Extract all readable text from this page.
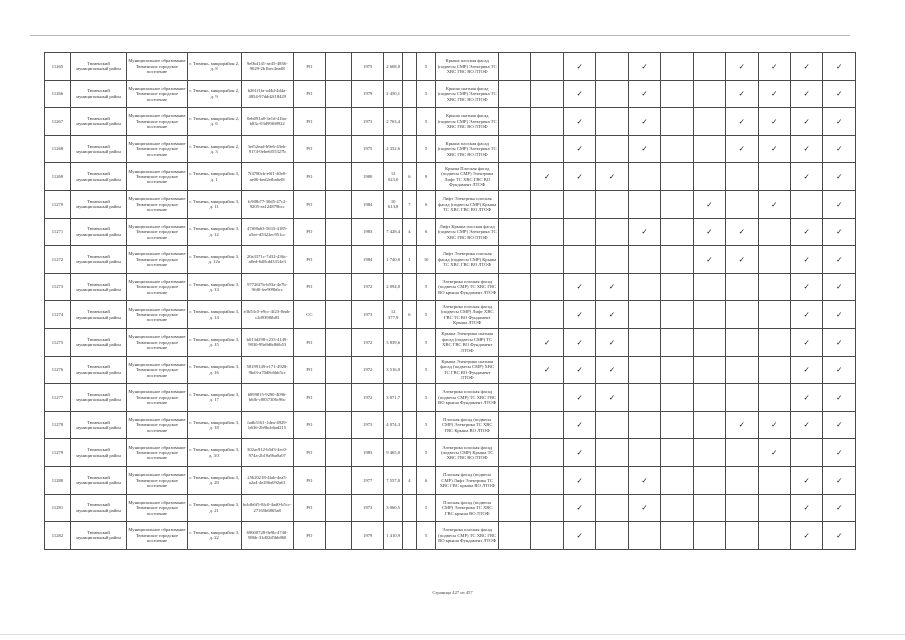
11265	Тюменский муниципальный район	Муниципальное образование Тюменское городское поселение	г. Тюмень, микрорайон 2, д. 8	9e0b4141-ae45-4836-9029-2b1bec4ead8	РО		1975	2 608,0		5	Крыша плоская фасад (подвесы СМР) Электрика ТС ХВС ГВС ВО ЛТОФ			✓		✓			✓	✓	✓	✓
11266	Тюменский муниципальный район	Муниципальное образование Тюменское городское поселение	г. Тюмень, микрорайон 2, д. 9	b261f1fa-a44d-4d4a-4854-97ddd2f18429	РО		1979	2 450,1		5	Крыша скатная фасад (подвесы СМР) Электрика ТС ХВС ГВС ВО ЛТОФ			✓		✓			✓	✓	✓	✓
11267	Тюменский муниципальный район	Муниципальное образование Тюменское городское поселение	г. Тюмень, микрорайон 2, д. 6	0eb091a8-3e1d-41ba-b83c-03d99f68922	РО		1973	2 763,4		5	Крыша скатная фасад (подвесы СМР) Электрика ТС ХВС ГВС ВО ЛТОФ			✓		✓			✓	✓	✓	✓
11268	Тюменский муниципальный район	Муниципальное образование Тюменское городское поселение	г. Тюмень, микрорайон 2, д. 3	3ef52ead-b9e6-43eb-9174-0ebe6f55327b	РО		1975	2 352,6		5	Крыша плоская фасад (подвесы СМР) Электрика ТС ХВС ГВС ВО ЛТОФ			✓		✓			✓	✓	✓	✓
11269	Тюменский муниципальный район	Муниципальное образование Тюменское городское поселение	г. Тюмень, микрорайон 3, д. 1	7f4780cb-e0f1-40e0-ae06-bed2efba6e0f	РО		1980	12 023,0	6	9	Крыша Плоская фасад (подвесы СМР) Электрика Лифт ТС ХВС ГВС ВО Фундамент ЛТОФ		✓	✓	✓						✓	✓
11270	Тюменский муниципальный район	Муниципальное образование Тюменское городское поселение	г. Тюмень, микрорайон 3, д. 11	fc9f8b77-30d5-47c2-9205-ea124879bcc	РО		1984	10 613,8	7	6	Лифт Электрика плоская фасад (подвесы СМР) Крыша ТС ХВС ГВС ВО ЛТОФ							✓		✓		✓
11271	Тюменский муниципальный район	Муниципальное образование Тюменское городское поселение	г. Тюмень, микрорайон 3, д. 12	47f08a63-5633-4185-a5ee-d5322ec951cc	РО		1983	7 428,4	4	6	Лифт Крыша плоская фасад (подвесы СМР) Электрика ТС ХВС ГВС ВО ЛТОФ					✓		✓	✓		✓	✓
11272	Тюменский муниципальный район	Муниципальное образование Тюменское городское поселение	г. Тюмень, микрорайон 3, д. 12а	20a3371c-7d32-436c-a8ed-6d8cdd3314e3	РО		1984	1 740,0	1	10	Лифт Электрика плоская фасад (подвесы СМР) Крыша ТС ХВС ГВС ВО ЛТОФ							✓	✓		✓	✓
11273	Тюменский муниципальный район	Муниципальное образование Тюменское городское поселение	г. Тюмень, микрорайон 3, д. 13	97726f7b-b93a-4e7b-9fd0-fee909b6cc	РО		1972	2 094,0		5	Электрика плоская фасад (подвесы СМР) ТС ХВС ГВС ВО крыша Фундамент ЛТОФ			✓	✓						✓	✓
11274	Тюменский муниципальный район	Муниципальное образование Тюменское городское поселение	г. Тюмень, микрорайон 3, д. 14	e3b53c5-e9cc-4f23-8eab-c2d9398fb83	СС		1973	12 377,9	6	5	Электрика плоская фасад (подвесы СМР) Лифт ХВС ГВС ТС ВО Фундамент Крыша ЛТОФ			✓	✓						✓	✓
11275	Тюменский муниципальный район	Муниципальное образование Тюменское городское поселение	г. Тюмень, микрорайон 3, д. 15	b013d298-c233-4149-9830-99a9d6d66b53	РО		1972	3 839,6		5	Крыша Электрика скатная фасад (подвесы СМР) ТС ХВС ГВС ВО Фундамент ЛТОФ		✓	✓	✓						✓	✓
11276	Тюменский муниципальный район	Муниципальное образование Тюменское городское поселение	г. Тюмень, микрорайон 3, д. 16	58199149-e171-4928-9bd3-a70d8c6bb5cc	РО		1972	3 516,0		5	Крыша Электрика скатная фасад (подвесы СМР) ХВС ТС ГВС ВО Фундамент ЛТОФ		✓	✓	✓						✓	✓
11277	Тюменский муниципальный район	Муниципальное образование Тюменское городское поселение	г. Тюмень, микрорайон 3, д. 17	6899815-9290-4096-b6fb-c8837306c96c	РО		1972	3 071,7		5	Электрика плоская фасад (подвесы СМР) ТС ХВС ГВС ВО крыша Фундамент ЛТОФ			✓	✓						✓	✓
11278	Тюменский муниципальный район	Муниципальное образование Тюменское городское поселение	г. Тюмень, микрорайон 3, д. 18	fadb5161-1dea-4929-b636-2b9bcb6ad215	РО		1973	4 074,3		5	Плоская фасад (подвесы СМР) Электрика ТС ХВС ГВС Крыша ВО ЛТОФ			✓					✓	✓	✓	✓
11279	Тюменский муниципальный район	Муниципальное образование Тюменское городское поселение	г. Тюмень, микрорайон 3, д. 3/3	302ac912-b5d3-4ec0-974a-2b19a9ba9a07	РО		1983	9 465,0		5	Электрика плоская фасад (подвесы СМР) Крыша ТС ХВС ГВС ВО ЛТОФ			✓						✓		✓
11280	Тюменский муниципальный район	Муниципальное образование Тюменское городское поселение	г. Тюмень, микрорайон 3, д. 20	25620218-4fab-4ea5-a2a4-4e296a092a61	РО		1977	7 557,0	4	6	Плоская фасад (подвесы СМР) Лифт Электрика ТС ХВС ГВС крыша ВО ЛТОФ			✓		✓					✓	✓
11281	Тюменский муниципальный район	Муниципальное образование Тюменское городское поселение	г. Тюмень, микрорайон 3, д. 21	bcbfb6f5-8fc0-4ad0-b5cc-27165b6865a8	РО		1973	3 060,5		5	Плоская фасад (подвесы СМР) Электрика ТС ХВС ГВС крыша ВО ЛТОФ			✓		✓					✓	✓
11282	Тюменский муниципальный район	Муниципальное образование Тюменское городское поселение	г. Тюмень, микрорайон 3, д. 22	69600728-0e9b-4740-986b-31d02d5bb860	РО		1979	1 410,9		5	Электрика плоская фасад (подвесы СМР) ТС ХВС ГВС ВО крыша Фундамент ЛТОФ			✓							✓	✓
Страница 427 из 457
